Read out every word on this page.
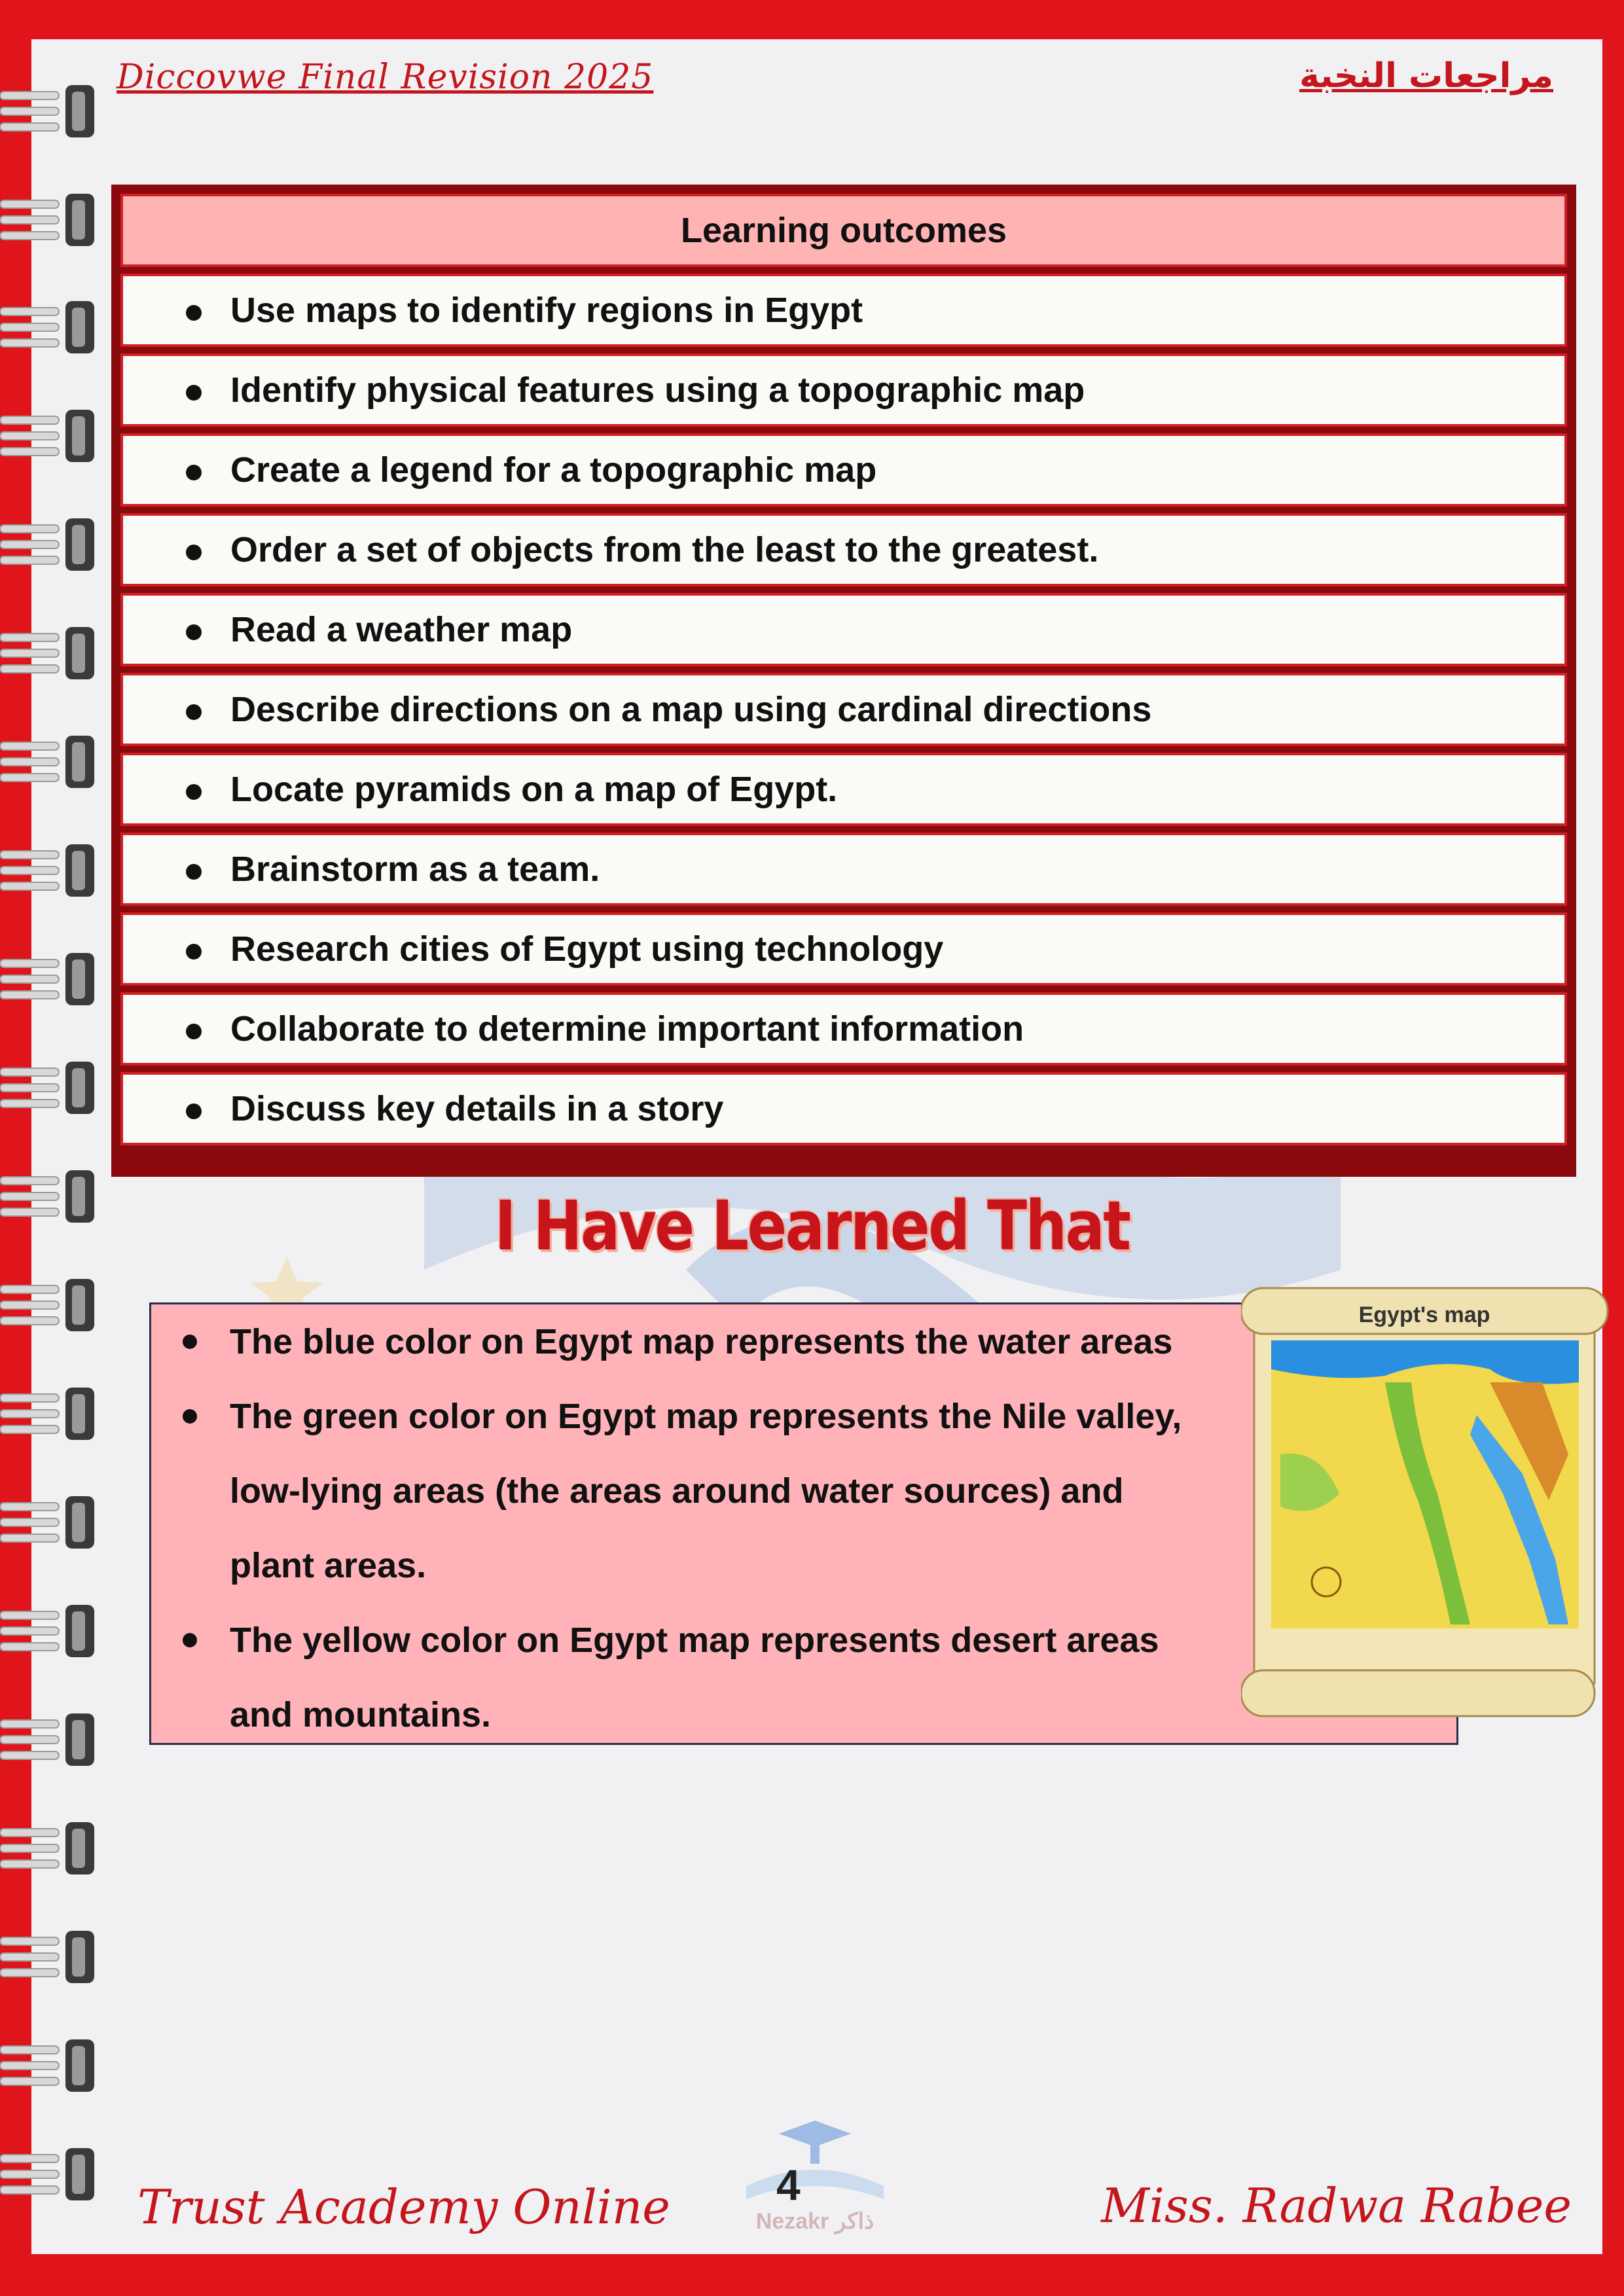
Diccovwe Final Revision 2025	مراجعات النخبة
Learning outcomes
Use maps to identify regions in Egypt
Identify physical features using a topographic map
Create a legend for a topographic map
Order a set of objects from the least to the greatest.
Read a weather map
Describe directions on a map using cardinal directions
Locate pyramids on a map of Egypt.
Brainstorm as a team.
Research cities of Egypt using technology
Collaborate to determine important information
Discuss key details in a story
I Have Learned That
The blue color on Egypt map represents the water areas
The green color on Egypt map represents the Nile valley,
low-lying areas (the areas around water sources) and
plant areas.
The yellow color on Egypt map represents desert areas
and mountains.
Egypt's map
Trust Academy Online	Nezakr ذاكر
4	Miss. Radwa Rabee
